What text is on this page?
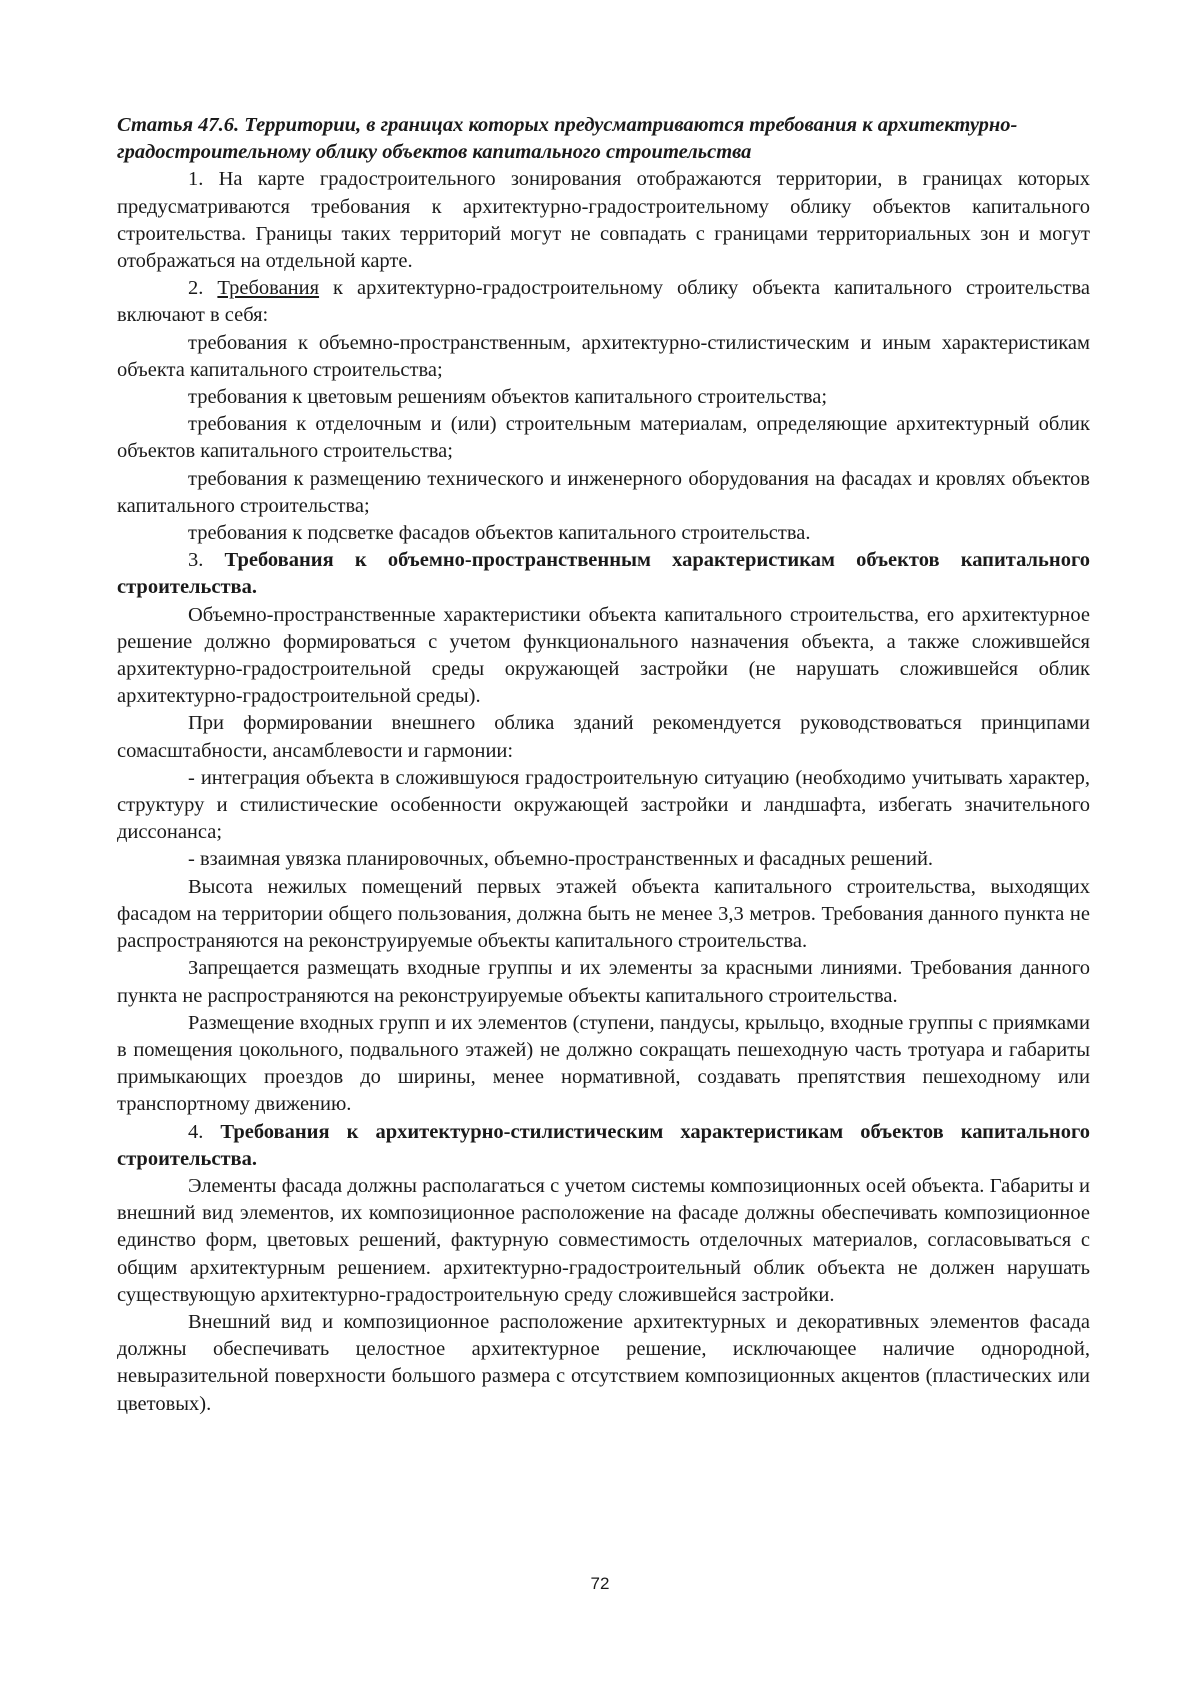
Статья 47.6. Территории, в границах которых предусматриваются требования к архитектурно-градостроительному облику объектов капитального строительства

1. На карте градостроительного зонирования отображаются территории, в границах которых предусматриваются требования к архитектурно-градостроительному облику объектов капитального строительства. Границы таких территорий могут не совпадать с границами территориальных зон и могут отображаться на отдельной карте.

2. Требования к архитектурно-градостроительному облику объекта капитального строительства включают в себя:

требования к объемно-пространственным, архитектурно-стилистическим и иным характеристикам объекта капитального строительства;

требования к цветовым решениям объектов капитального строительства;

требования к отделочным и (или) строительным материалам, определяющие архитектурный облик объектов капитального строительства;

требования к размещению технического и инженерного оборудования на фасадах и кровлях объектов капитального строительства;

требования к подсветке фасадов объектов капитального строительства.

3. Требования к объемно-пространственным характеристикам объектов капитального строительства.

Объемно-пространственные характеристики объекта капитального строительства, его архитектурное решение должно формироваться с учетом функционального назначения объекта, а также сложившейся архитектурно-градостроительной среды окружающей застройки (не нарушать сложившейся облик архитектурно-градостроительной среды).

При формировании внешнего облика зданий рекомендуется руководствоваться принципами сомасштабности, ансамблевости и гармонии:

- интеграция объекта в сложившуюся градостроительную ситуацию (необходимо учитывать характер, структуру и стилистические особенности окружающей застройки и ландшафта, избегать значительного диссонанса;

- взаимная увязка планировочных, объемно-пространственных и фасадных решений.

Высота нежилых помещений первых этажей объекта капитального строительства, выходящих фасадом на территории общего пользования, должна быть не менее 3,3 метров. Требования данного пункта не распространяются на реконструируемые объекты капитального строительства.

Запрещается размещать входные группы и их элементы за красными линиями. Требования данного пункта не распространяются на реконструируемые объекты капитального строительства.

Размещение входных групп и их элементов (ступени, пандусы, крыльцо, входные группы с приямками в помещения цокольного, подвального этажей) не должно сокращать пешеходную часть тротуара и габариты примыкающих проездов до ширины, менее нормативной, создавать препятствия пешеходному или транспортному движению.

4. Требования к архитектурно-стилистическим характеристикам объектов капитального строительства.

Элементы фасада должны располагаться с учетом системы композиционных осей объекта. Габариты и внешний вид элементов, их композиционное расположение на фасаде должны обеспечивать композиционное единство форм, цветовых решений, фактурную совместимость отделочных материалов, согласовываться с общим архитектурным решением. архитектурно-градостроительный облик объекта не должен нарушать существующую архитектурно-градостроительную среду сложившейся застройки.

Внешний вид и композиционное расположение архитектурных и декоративных элементов фасада должны обеспечивать целостное архитектурное решение, исключающее наличие однородной, невыразительной поверхности большого размера с отсутствием композиционных акцентов (пластических или цветовых).

72
